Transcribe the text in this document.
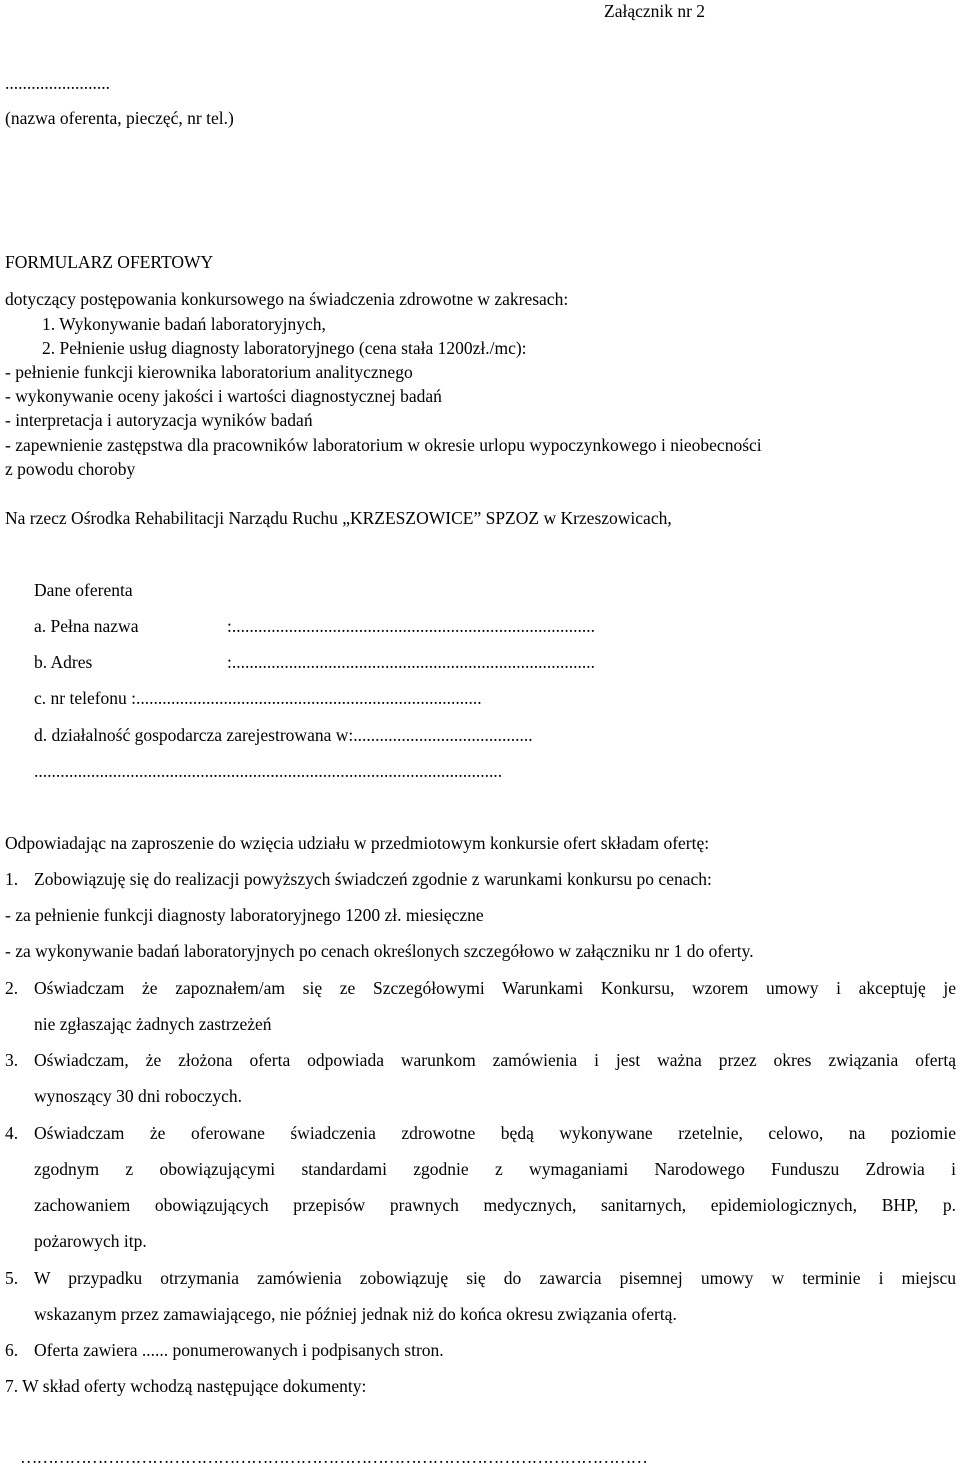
Załącznik nr 2

........................

(nazwa oferenta, pieczęć, nr tel.)

FORMULARZ OFERTOWY

dotyczący postępowania konkursowego na świadczenia zdrowotne w zakresach:

1. Wykonywanie badań laboratoryjnych,

2. Pełnienie usług diagnosty laboratoryjnego (cena stała 1200zł./mc):

- pełnienie funkcji kierownika laboratorium analitycznego

- wykonywanie oceny jakości i wartości diagnostycznej badań

- interpretacja i autoryzacja wyników badań

- zapewnienie zastępstwa dla pracowników laboratorium w okresie urlopu wypoczynkowego i nieobecności

z powodu choroby

Na rzecz Ośrodka Rehabilitacji Narządu Ruchu „KRZESZOWICE” SPZOZ w Krzeszowicach,

Dane oferenta

a. Pełna nazwa	:...................................................................................

b. Adres	:...................................................................................

c. nr telefonu :...............................................................................

d. działalność gospodarcza zarejestrowana w:.........................................

...........................................................................................................

Odpowiadając na zaproszenie do wzięcia udziału w przedmiotowym konkursie ofert składam ofertę:

1. Zobowiązuję się do realizacji powyższych świadczeń zgodnie z warunkami konkursu po cenach:

- za pełnienie funkcji diagnosty laboratoryjnego 1200 zł. miesięczne

- za wykonywanie badań laboratoryjnych po cenach określonych szczegółowo w załączniku nr 1 do oferty.

2. Oświadczam że zapoznałem/am się ze Szczegółowymi Warunkami Konkursu, wzorem umowy i akceptuję je

nie zgłaszając żadnych zastrzeżeń

3. Oświadczam, że złożona oferta odpowiada warunkom zamówienia i jest ważna przez okres związania ofertą

wynoszący 30 dni roboczych.

4. Oświadczam że oferowane świadczenia zdrowotne będą wykonywane rzetelnie, celowo, na poziomie

zgodnym z obowiązującymi standardami zgodnie z wymaganiami Narodowego Funduszu Zdrowia i

zachowaniem obowiązujących przepisów prawnych medycznych, sanitarnych, epidemiologicznych, BHP, p.

pożarowych itp.

5. W przypadku otrzymania zamówienia zobowiązuję się do zawarcia pisemnej umowy w terminie i miejscu

wskazanym przez zamawiającego, nie później jednak niż do końca okresu związania ofertą.

6. Oferta zawiera ...... ponumerowanych i podpisanych stron.

7. W skład oferty wchodzą następujące dokumenty:

……………………………………………………………………………………………………
